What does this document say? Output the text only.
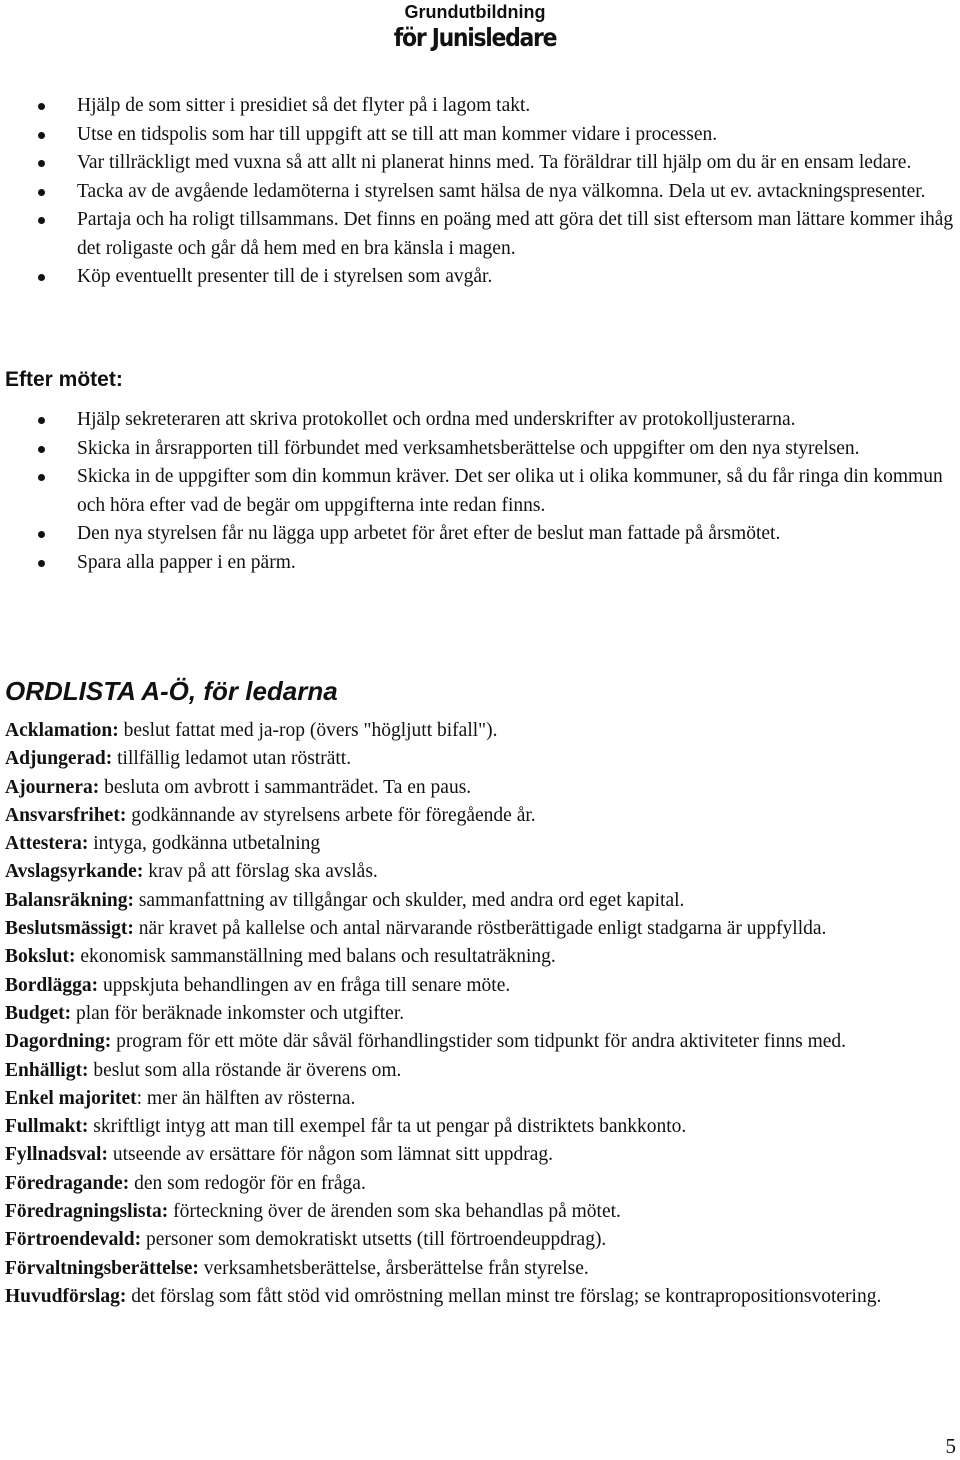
Grundutbildning
för Junisledare
Hjälp de som sitter i presidiet så det flyter på i lagom takt.
Utse en tidspolis som har till uppgift att se till att man kommer vidare i processen.
Var tillräckligt med vuxna så att allt ni planerat hinns med. Ta föräldrar till hjälp om du är en ensam ledare.
Tacka av de avgående ledamöterna i styrelsen samt hälsa de nya välkomna. Dela ut ev. avtackningspresenter.
Partaja och ha roligt tillsammans. Det finns en poäng med att göra det till sist eftersom man lättare kommer ihåg det roligaste och går då hem med en bra känsla i magen.
Köp eventuellt presenter till de i styrelsen som avgår.
Efter mötet:
Hjälp sekreteraren att skriva protokollet och ordna med underskrifter av protokolljusterarna.
Skicka in årsrapporten till förbundet med verksamhetsberättelse och uppgifter om den nya styrelsen.
Skicka in de uppgifter som din kommun kräver. Det ser olika ut i olika kommuner, så du får ringa din kommun och höra efter vad de begär om uppgifterna inte redan finns.
Den nya styrelsen får nu lägga upp arbetet för året efter de beslut man fattade på årsmötet.
Spara alla papper i en pärm.
ORDLISTA A-Ö, för ledarna
Acklamation: beslut fattat med ja-rop (övers "högljutt bifall").
Adjungerad: tillfällig ledamot utan rösträtt.
Ajournera: besluta om avbrott i sammanträdet. Ta en paus.
Ansvarsfrihet: godkännande av styrelsens arbete för föregående år.
Attestera: intyga, godkänna utbetalning
Avslagsyrkande: krav på att förslag ska avslås.
Balansräkning: sammanfattning av tillgångar och skulder, med andra ord eget kapital.
Beslutsmässigt: när kravet på kallelse och antal närvarande röstberättigade enligt stadgarna är uppfyllda.
Bokslut: ekonomisk sammanställning med balans och resultaträkning.
Bordlägga: uppskjuta behandlingen av en fråga till senare möte.
Budget: plan för beräknade inkomster och utgifter.
Dagordning: program för ett möte där såväl förhandlingstider som tidpunkt för andra aktiviteter finns med.
Enhälligt: beslut som alla röstande är överens om.
Enkel majoritet: mer än hälften av rösterna.
Fullmakt: skriftligt intyg att man till exempel får ta ut pengar på distriktets bankkonto.
Fyllnadsval: utseende av ersättare för någon som lämnat sitt uppdrag.
Föredragande: den som redogör för en fråga.
Föredragningslista: förteckning över de ärenden som ska behandlas på mötet.
Förtroendevald: personer som demokratiskt utsetts (till förtroendeuppdrag).
Förvaltningsberättelse: verksamhetsberättelse, årsberättelse från styrelse.
Huvudförslag: det förslag som fått stöd vid omröstning mellan minst tre förslag; se kontrapropositionsvotering.
5
